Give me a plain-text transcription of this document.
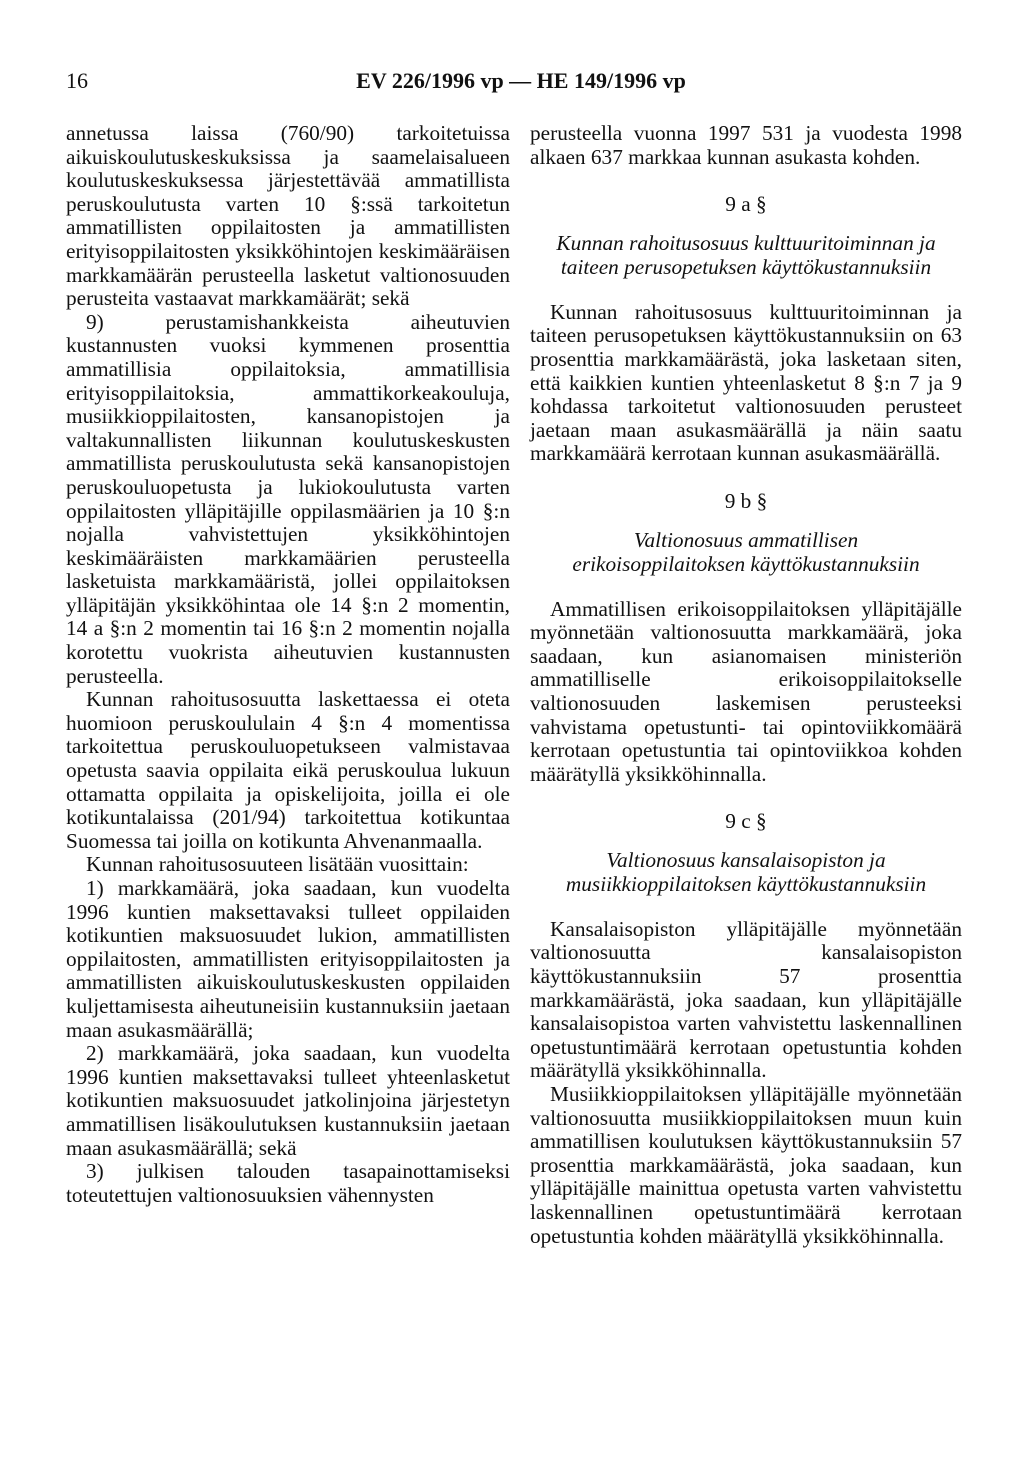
16	EV 226/1996 vp — HE 149/1996 vp

annetussa laissa (760/90) tarkoitetuissa aikuiskoulutuskeskuksissa ja saamelaisalueen koulutuskeskuksessa järjestettävää ammatillista peruskoulutusta varten 10 §:ssä tarkoitetun ammatillisten oppilaitosten ja ammatillisten erityisoppilaitosten yksikköhintojen keskimääräisen markkamäärän perusteella lasketut valtionosuuden perusteita vastaavat markkamäärät; sekä

9) perustamishankkeista aiheutuvien kustannusten vuoksi kymmenen prosenttia ammatillisia oppilaitoksia, ammatillisia erityisoppilaitoksia, ammattikorkeakouluja, musiikkioppilaitosten, kansanopistojen ja valtakunnallisten liikunnan koulutuskeskusten ammatillista peruskoulutusta sekä kansanopistojen peruskouluopetusta ja lukiokoulutusta varten oppilaitosten ylläpitäjille oppilasmäärien ja 10 §:n nojalla vahvistettujen yksikköhintojen keskimääräisten markkamäärien perusteella lasketuista markkamääristä, jollei oppilaitoksen ylläpitäjän yksikköhintaa ole 14 §:n 2 momentin, 14 a §:n 2 momentin tai 16 §:n 2 momentin nojalla korotettu vuokrista aiheutuvien kustannusten perusteella.

Kunnan rahoitusosuutta laskettaessa ei oteta huomioon peruskoululain 4 §:n 4 momentissa tarkoitettua peruskouluopetukseen valmistavaa opetusta saavia oppilaita eikä peruskoulua lukuun ottamatta oppilaita ja opiskelijoita, joilla ei ole kotikuntalaissa (201/94) tarkoitettua kotikuntaa Suomessa tai joilla on kotikunta Ahvenanmaalla.

Kunnan rahoitusosuuteen lisätään vuosittain:

1) markkamäärä, joka saadaan, kun vuodelta 1996 kuntien maksettavaksi tulleet oppilaiden kotikuntien maksuosuudet lukion, ammatillisten oppilaitosten, ammatillisten erityisoppilaitosten ja ammatillisten aikuiskoulutuskeskusten oppilaiden kuljettamisesta aiheutuneisiin kustannuksiin jaetaan maan asukasmäärällä;

2) markkamäärä, joka saadaan, kun vuodelta 1996 kuntien maksettavaksi tulleet yhteenlasketut kotikuntien maksuosuudet jatkolinjoina järjestetyn ammatillisen lisäkoulutuksen kustannuksiin jaetaan maan asukasmäärällä; sekä

3) julkisen talouden tasapainottamiseksi toteutettujen valtionosuuksien vähennysten

perusteella vuonna 1997 531 ja vuodesta 1998 alkaen 637 markkaa kunnan asukasta kohden.

9 a §

Kunnan rahoitusosuus kulttuuritoiminnan ja
taiteen perusopetuksen käyttökustannuksiin

Kunnan rahoitusosuus kulttuuritoiminnan ja taiteen perusopetuksen käyttökustannuksiin on 63 prosenttia markkamäärästä, joka lasketaan siten, että kaikkien kuntien yhteenlasketut 8 §:n 7 ja 9 kohdassa tarkoitetut valtionosuuden perusteet jaetaan maan asukasmäärällä ja näin saatu markkamäärä kerrotaan kunnan asukasmäärällä.

9 b §

Valtionosuus ammatillisen
erikoisoppilaitoksen käyttökustannuksiin

Ammatillisen erikoisoppilaitoksen ylläpitäjälle myönnetään valtionosuutta markkamäärä, joka saadaan, kun asianomaisen ministeriön ammatilliselle erikoisoppilaitokselle valtionosuuden laskemisen perusteeksi vahvistama opetustunti- tai opintoviikkomäärä kerrotaan opetustuntia tai opintoviikkoa kohden määrätyllä yksikköhinnalla.

9 c §

Valtionosuus kansalaisopiston ja
musiikkioppilaitoksen käyttökustannuksiin

Kansalaisopiston ylläpitäjälle myönnetään valtionosuutta kansalaisopiston käyttökustannuksiin 57 prosenttia markkamäärästä, joka saadaan, kun ylläpitäjälle kansalaisopistoa varten vahvistettu laskennallinen opetustuntimäärä kerrotaan opetustuntia kohden määrätyllä yksikköhinnalla.

Musiikkioppilaitoksen ylläpitäjälle myönnetään valtionosuutta musiikkioppilaitoksen muun kuin ammatillisen koulutuksen käyttökustannuksiin 57 prosenttia markkamäärästä, joka saadaan, kun ylläpitäjälle mainittua opetusta varten vahvistettu laskennallinen opetustuntimäärä kerrotaan opetustuntia kohden määrätyllä yksikköhinnalla.
